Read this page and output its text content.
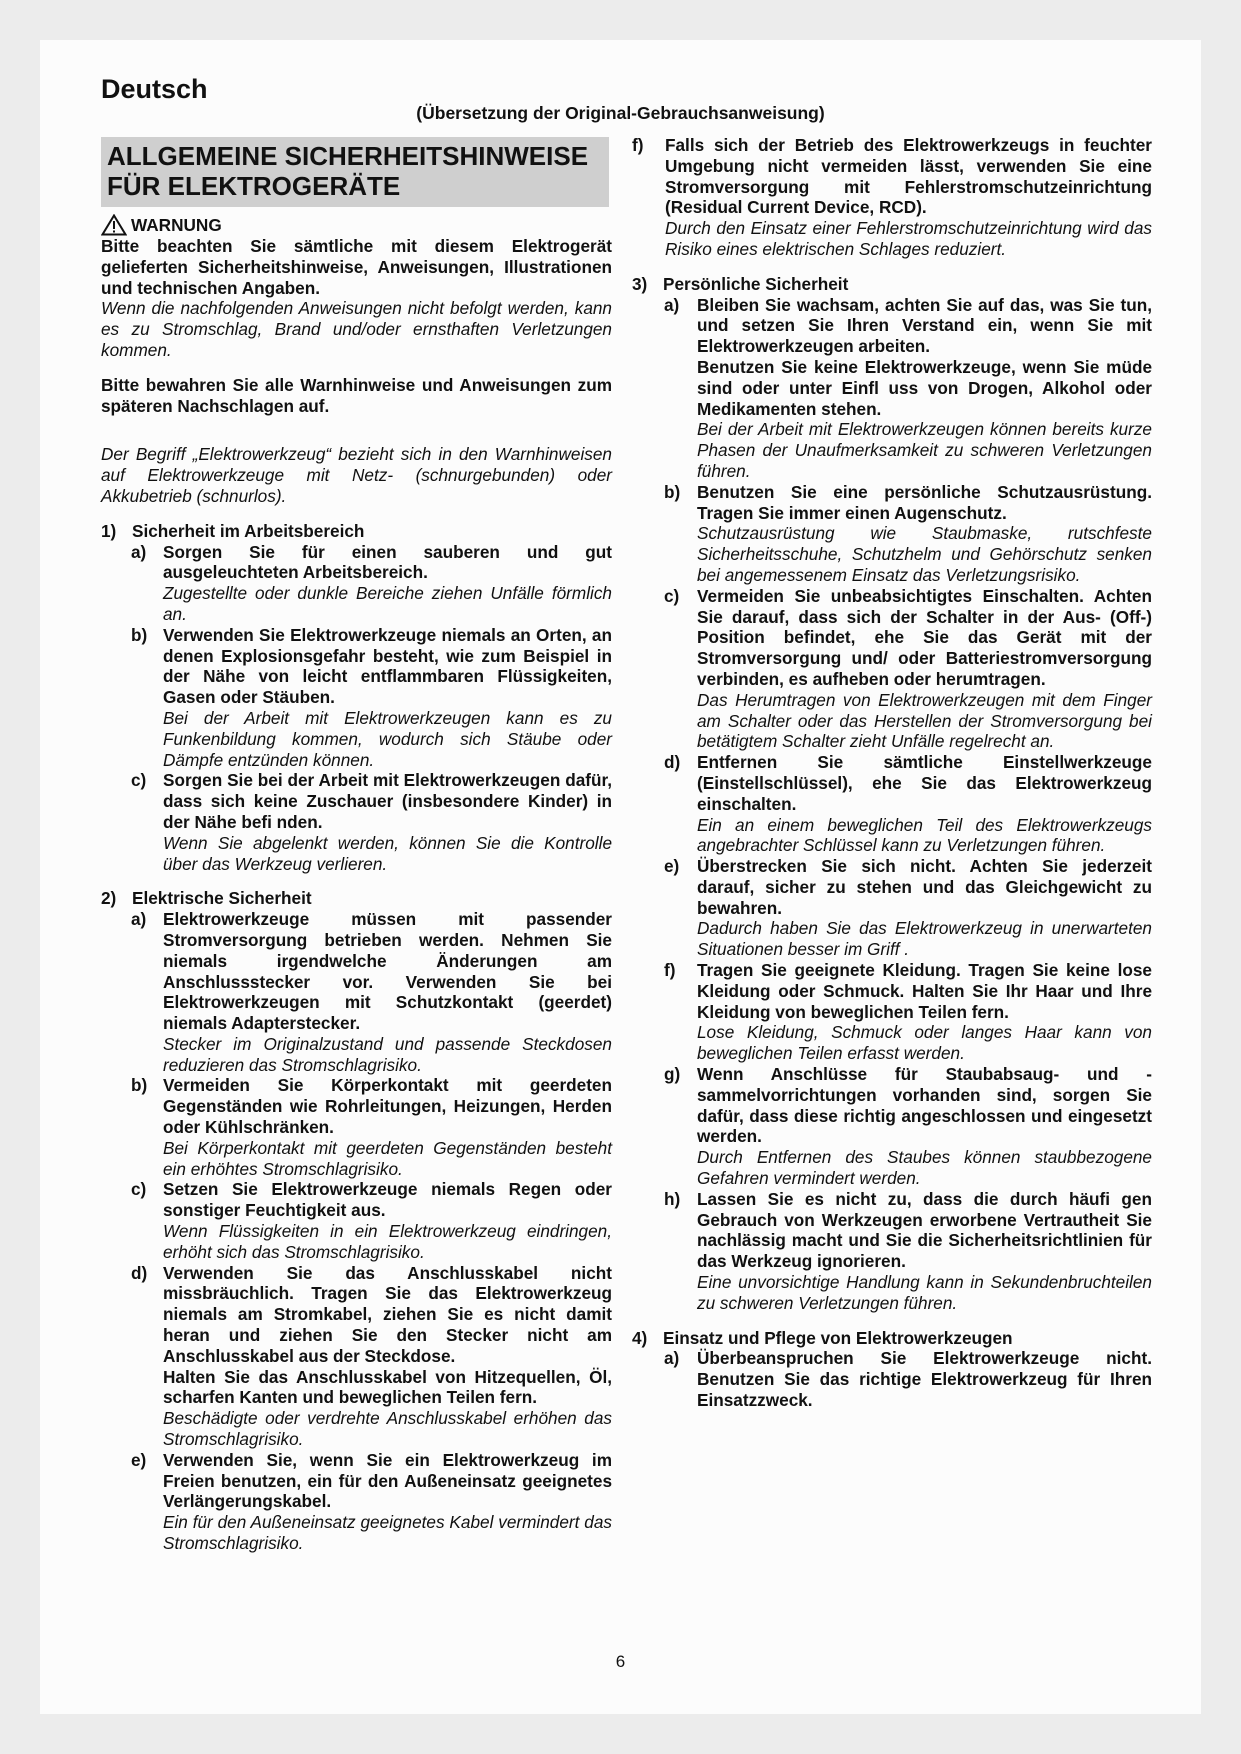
Deutsch

(Übersetzung der Original-Gebrauchsanweisung)

ALLGEMEINE SICHERHEITSHINWEISE FÜR ELEKTROGERÄTE
WARNUNG

Bitte beachten Sie sämtliche mit diesem Elektrogerät gelieferten Sicherheitshinweise, Anweisungen, Illustrationen und technischen Angaben.

Wenn die nachfolgenden Anweisungen nicht befolgt werden, kann es zu Stromschlag, Brand und/oder ernsthaften Verletzungen kommen.

Bitte bewahren Sie alle Warnhinweise und Anweisungen zum späteren Nachschlagen auf.

Der Begriff „Elektrowerkzeug“ bezieht sich in den Warnhinweisen auf Elektrowerkzeuge mit Netz- (schnurgebunden) oder Akkubetrieb (schnurlos).

1) Sicherheit im Arbeitsbereich
a) Sorgen Sie für einen sauberen und gut ausgeleuchteten Arbeitsbereich.

Zugestellte oder dunkle Bereiche ziehen Unfälle förmlich an.

b) Verwenden Sie Elektrowerkzeuge niemals an Orten, an denen Explosionsgefahr besteht, wie zum Beispiel in der Nähe von leicht entflammbaren Flüssigkeiten, Gasen oder Stäuben.

Bei der Arbeit mit Elektrowerkzeugen kann es zu Funkenbildung kommen, wodurch sich Stäube oder Dämpfe entzünden können.

c) Sorgen Sie bei der Arbeit mit Elektrowerkzeugen dafür, dass sich keine Zuschauer (insbesondere Kinder) in der Nähe befi nden.

Wenn Sie abgelenkt werden, können Sie die Kontrolle über das Werkzeug verlieren.

2) Elektrische Sicherheit
a) Elektrowerkzeuge müssen mit passender Stromversorgung betrieben werden. Nehmen Sie niemals irgendwelche Änderungen am Anschlussstecker vor. Verwenden Sie bei Elektrowerkzeugen mit Schutzkontakt (geerdet) niemals Adapterstecker.

Stecker im Originalzustand und passende Steckdosen reduzieren das Stromschlagrisiko.

b) Vermeiden Sie Körperkontakt mit geerdeten Gegenständen wie Rohrleitungen, Heizungen, Herden oder Kühlschränken.

Bei Körperkontakt mit geerdeten Gegenständen besteht ein erhöhtes Stromschlagrisiko.

c) Setzen Sie Elektrowerkzeuge niemals Regen oder sonstiger Feuchtigkeit aus.

Wenn Flüssigkeiten in ein Elektrowerkzeug eindringen, erhöht sich das Stromschlagrisiko.

d) Verwenden Sie das Anschlusskabel nicht missbräuchlich. Tragen Sie das Elektrowerkzeug niemals am Stromkabel, ziehen Sie es nicht damit heran und ziehen Sie den Stecker nicht am Anschlusskabel aus der Steckdose.

Halten Sie das Anschlusskabel von Hitzequellen, Öl, scharfen Kanten und beweglichen Teilen fern.

Beschädigte oder verdrehte Anschlusskabel erhöhen das Stromschlagrisiko.

e) Verwenden Sie, wenn Sie ein Elektrowerkzeug im Freien benutzen, ein für den Außeneinsatz geeignetes Verlängerungskabel.

Ein für den Außeneinsatz geeignetes Kabel vermindert das Stromschlagrisiko.

f)	Falls sich der Betrieb des Elektrowerkzeugs in feuchter Umgebung nicht vermeiden lässt, verwenden Sie eine Stromversorgung mit Fehlerstromschutzeinrichtung (Residual Current Device, RCD).

Durch den Einsatz einer Fehlerstromschutzeinrichtung wird das Risiko eines elektrischen Schlages reduziert.

3) Persönliche Sicherheit
a)	Bleiben Sie wachsam, achten Sie auf das, was Sie tun, und setzen Sie Ihren Verstand ein, wenn Sie mit Elektrowerkzeugen arbeiten.

Benutzen Sie keine Elektrowerkzeuge, wenn Sie müde sind oder unter Einfl uss von Drogen, Alkohol oder Medikamenten stehen.

Bei der Arbeit mit Elektrowerkzeugen können bereits kurze Phasen der Unaufmerksamkeit zu schweren Verletzungen führen.

b) Benutzen Sie eine persönliche Schutzausrüstung. Tragen Sie immer einen Augenschutz.

Schutzausrüstung wie Staubmaske, rutschfeste Sicherheitsschuhe, Schutzhelm und Gehörschutz senken bei angemessenem Einsatz das Verletzungsrisiko.

c)	Vermeiden Sie unbeabsichtigtes Einschalten. Achten Sie darauf, dass sich der Schalter in der Aus- (Off-) Position befindet, ehe Sie das Gerät mit der Stromversorgung und/ oder Batteriestromversorgung verbinden, es aufheben oder herumtragen.

Das Herumtragen von Elektrowerkzeugen mit dem Finger am Schalter oder das Herstellen der Stromversorgung bei betätigtem Schalter zieht Unfälle regelrecht an.

d) Entfernen Sie sämtliche Einstellwerkzeuge (Einstellschlüssel), ehe Sie das Elektrowerkzeug einschalten.

Ein an einem beweglichen Teil des Elektrowerkzeugs angebrachter Schlüssel kann zu Verletzungen führen.

e)	Überstrecken Sie sich nicht. Achten Sie jederzeit darauf, sicher zu stehen und das Gleichgewicht zu bewahren.

Dadurch haben Sie das Elektrowerkzeug in unerwarteten Situationen besser im Griff .

f)	Tragen Sie geeignete Kleidung. Tragen Sie keine lose Kleidung oder Schmuck. Halten Sie Ihr Haar und Ihre Kleidung von beweglichen Teilen fern.

Lose Kleidung, Schmuck oder langes Haar kann von beweglichen Teilen erfasst werden.

g) Wenn Anschlüsse für Staubabsaug- und - sammelvorrichtungen vorhanden sind, sorgen Sie dafür, dass diese richtig angeschlossen und eingesetzt werden.

Durch Entfernen des Staubes können staubbezogene Gefahren vermindert werden.

h) Lassen Sie es nicht zu, dass die durch häufi gen Gebrauch von Werkzeugen erworbene Vertrautheit Sie nachlässig macht und Sie die Sicherheitsrichtlinien für das Werkzeug ignorieren.

Eine unvorsichtige Handlung kann in Sekundenbruchteilen zu schweren Verletzungen führen.

4) Einsatz und Pflege von Elektrowerkzeugen
a)	Überbeanspruchen Sie Elektrowerkzeuge nicht. Benutzen Sie das richtige Elektrowerkzeug für Ihren Einsatzzweck.

6
